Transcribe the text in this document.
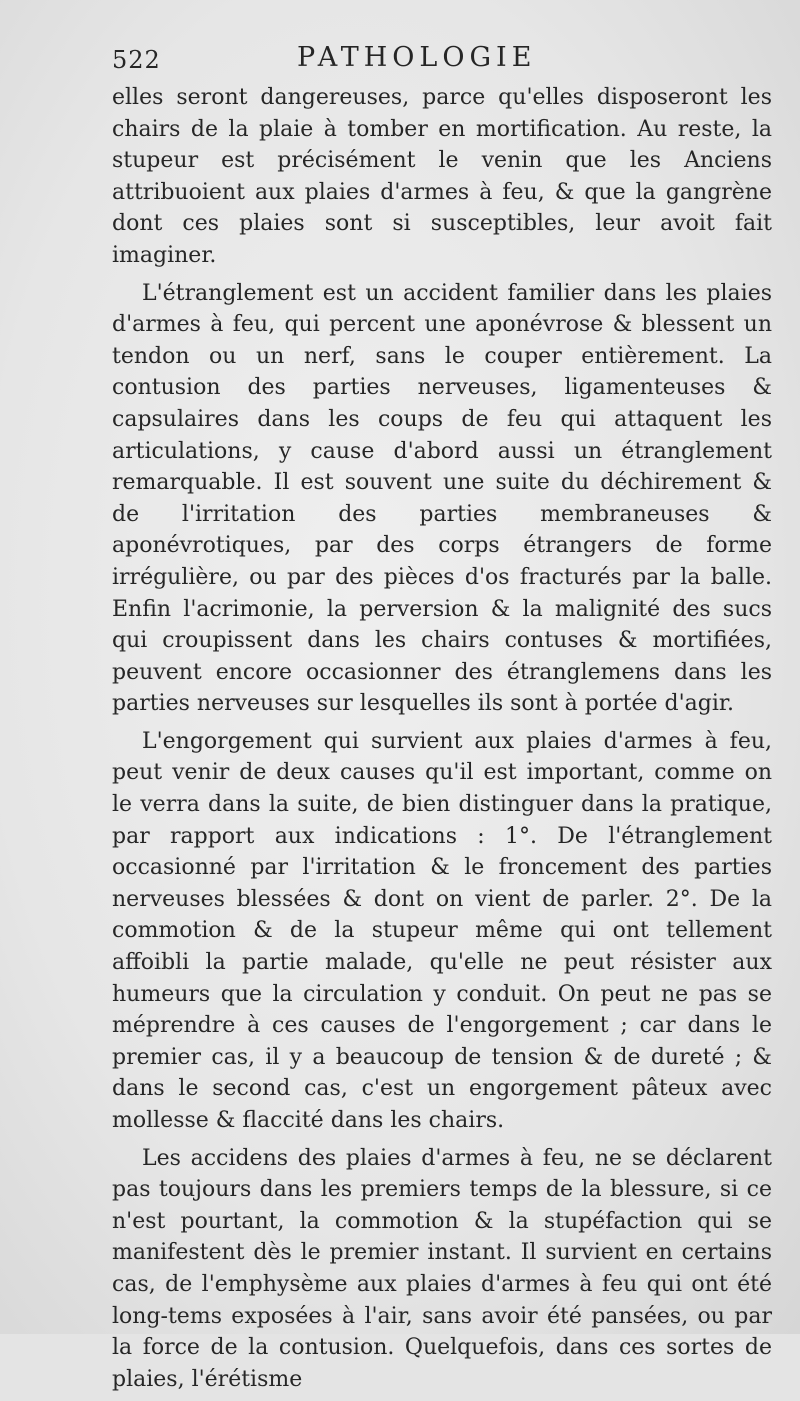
522	PATHOLOGIE

elles seront dangereuses, parce qu'elles disposeront les chairs de la plaie à tomber en mortification. Au reste, la stupeur est précisément le venin que les Anciens attribuoient aux plaies d'armes à feu, & que la gangrène dont ces plaies sont si susceptibles, leur avoit fait imaginer.

L'étranglement est un accident familier dans les plaies d'armes à feu, qui percent une aponévrose & blessent un tendon ou un nerf, sans le couper entièrement. La contusion des parties nerveuses, ligamenteuses & capsulaires dans les coups de feu qui attaquent les articulations, y cause d'abord aussi un étranglement remarquable. Il est souvent une suite du déchirement & de l'irritation des parties membraneuses & aponévrotiques, par des corps étrangers de forme irrégulière, ou par des pièces d'os fracturés par la balle. Enfin l'acrimonie, la perversion & la malignité des sucs qui croupissent dans les chairs contuses & mortifiées, peuvent encore occasionner des étranglemens dans les parties nerveuses sur lesquelles ils sont à portée d'agir.

L'engorgement qui survient aux plaies d'armes à feu, peut venir de deux causes qu'il est important, comme on le verra dans la suite, de bien distinguer dans la pratique, par rapport aux indications : 1°. De l'étranglement occasionné par l'irritation & le froncement des parties nerveuses blessées & dont on vient de parler. 2°. De la commotion & de la stupeur même qui ont tellement affoibli la partie malade, qu'elle ne peut résister aux humeurs que la circulation y conduit. On peut ne pas se méprendre à ces causes de l'engorgement ; car dans le premier cas, il y a beaucoup de tension & de dureté ; & dans le second cas, c'est un engorgement pâteux avec mollesse & flaccité dans les chairs.

Les accidens des plaies d'armes à feu, ne se déclarent pas toujours dans les premiers temps de la blessure, si ce n'est pourtant, la commotion & la stupéfaction qui se manifestent dès le premier instant. Il survient en certains cas, de l'emphysème aux plaies d'armes à feu qui ont été long-tems exposées à l'air, sans avoir été pansées, ou par la force de la contusion. Quelquefois, dans ces sortes de plaies, l'érétisme
